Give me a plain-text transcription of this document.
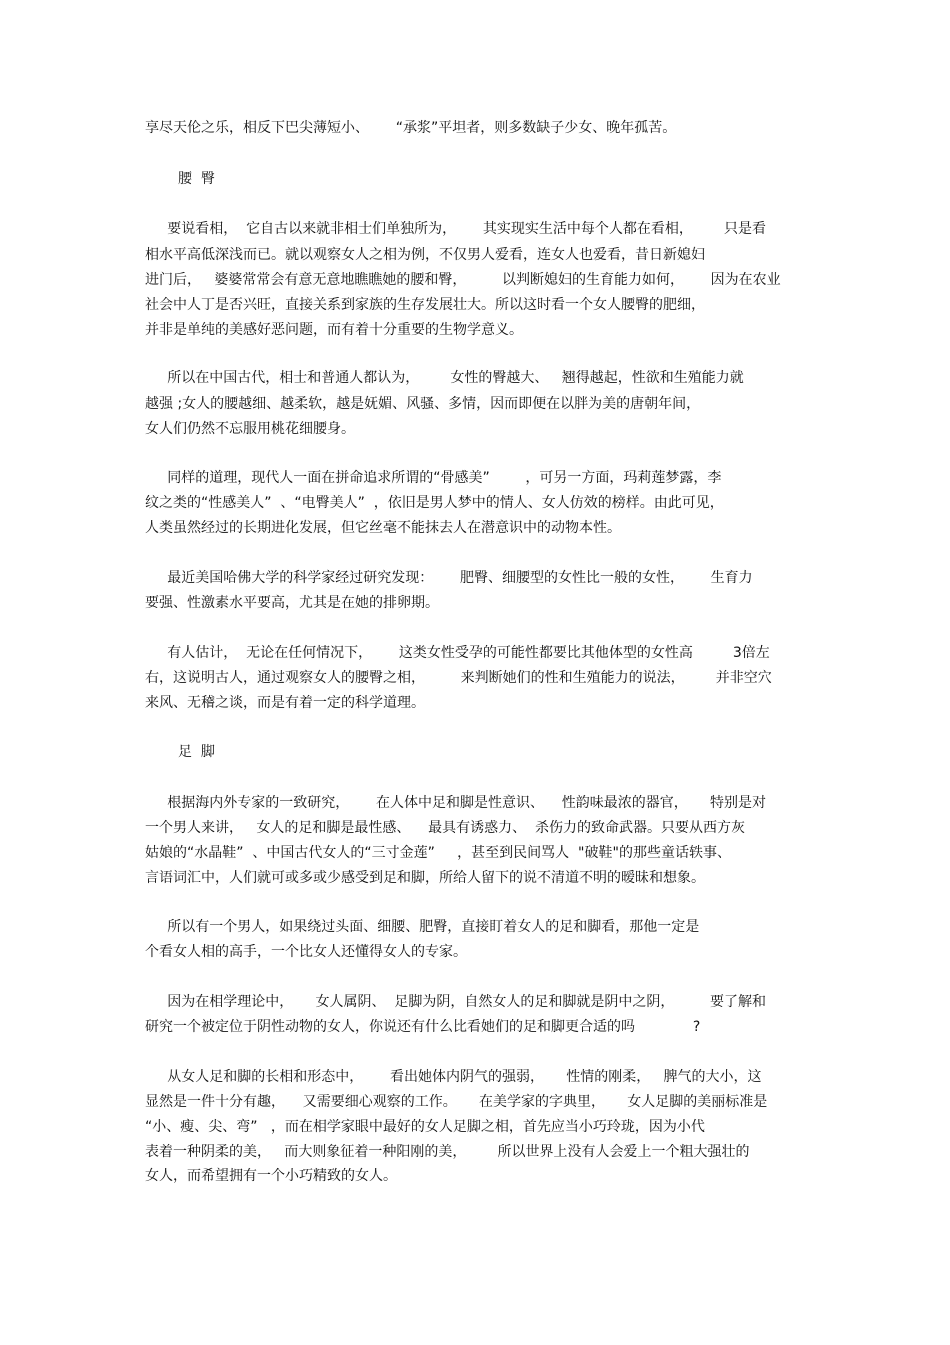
享尽天伦之乐，相反下巴尖薄短小、      “承浆”平坦者，则多数缺子少女、晚年孤苦。
腰  臀
要说看相，  它自古以来就非相士们单独所为，      其实现实生活中每个人都在看相，       只是看
相水平高低深浅而已。就以观察女人之相为例，不仅男人爱看，连女人也爱看，昔日新媳妇
进门后，   婆婆常常会有意无意地瞧瞧她的腰和臀，        以判断媳妇的生育能力如何，      因为在农业
社会中人丁是否兴旺，直接关系到家族的生存发展壮大。所以这时看一个女人腰臀的肥细，
并非是单纯的美感好恶问题，而有着十分重要的生物学意义。
所以在中国古代，相士和普通人都认为，       女性的臀越大、   翘得越起，性欲和生殖能力就
越强 ;女人的腰越细、越柔软，越是妩媚、风骚、多情，因而即便在以胖为美的唐朝年间，
女人们仍然不忘服用桃花细腰身。
同样的道理，现代人一面在拼命追求所谓的“骨感美”        ，可另一方面，玛莉莲梦露，李
纹之类的“性感美人”  、“电臀美人”  ，依旧是男人梦中的情人、女人仿效的榜样。由此可见，
人类虽然经过的长期进化发展，但它丝毫不能抹去人在潜意识中的动物本性。
最近美国哈佛大学的科学家经过研究发现：      肥臀、细腰型的女性比一般的女性，      生育力
要强、性激素水平要高，尤其是在她的排卵期。
有人估计，  无论在任何情况下，      这类女性受孕的可能性都要比其他体型的女性高         3倍左
右，这说明古人，通过观察女人的腰臀之相，        来判断她们的性和生殖能力的说法，       并非空穴
来风、无稽之谈，而是有着一定的科学道理。
足  脚
根据海内外专家的一致研究，      在人体中足和脚是性意识、    性韵味最浓的器官，     特别是对
一个男人来讲，   女人的足和脚是最性感、    最具有诱惑力、  杀伤力的致命武器。只要从西方灰
姑娘的“水晶鞋”  、中国古代女人的“三寸金莲”     ，甚至到民间骂人  "破鞋"的那些童话轶事、
言语词汇中，人们就可或多或少感受到足和脚，所给人留下的说不清道不明的暧昧和想象。
所以有一个男人，如果绕过头面、细腰、肥臀，直接盯着女人的足和脚看，那他一定是
个看女人相的高手，一个比女人还懂得女人的专家。
因为在相学理论中，     女人属阴、  足脚为阴，自然女人的足和脚就是阴中之阴，        要了解和
研究一个被定位于阴性动物的女人，你说还有什么比看她们的足和脚更合适的吗             ?
从女人足和脚的长相和形态中，      看出她体内阴气的强弱，     性情的刚柔，   脾气的大小，这
显然是一件十分有趣，    又需要细心观察的工作。     在美学家的字典里，     女人足脚的美丽标准是
“小、瘦、尖、弯”   ，而在相学家眼中最好的女人足脚之相，首先应当小巧玲珑，因为小代
表着一种阴柔的美，   而大则象征着一种阳刚的美，       所以世界上没有人会爱上一个粗大强壮的
女人，而希望拥有一个小巧精致的女人。
